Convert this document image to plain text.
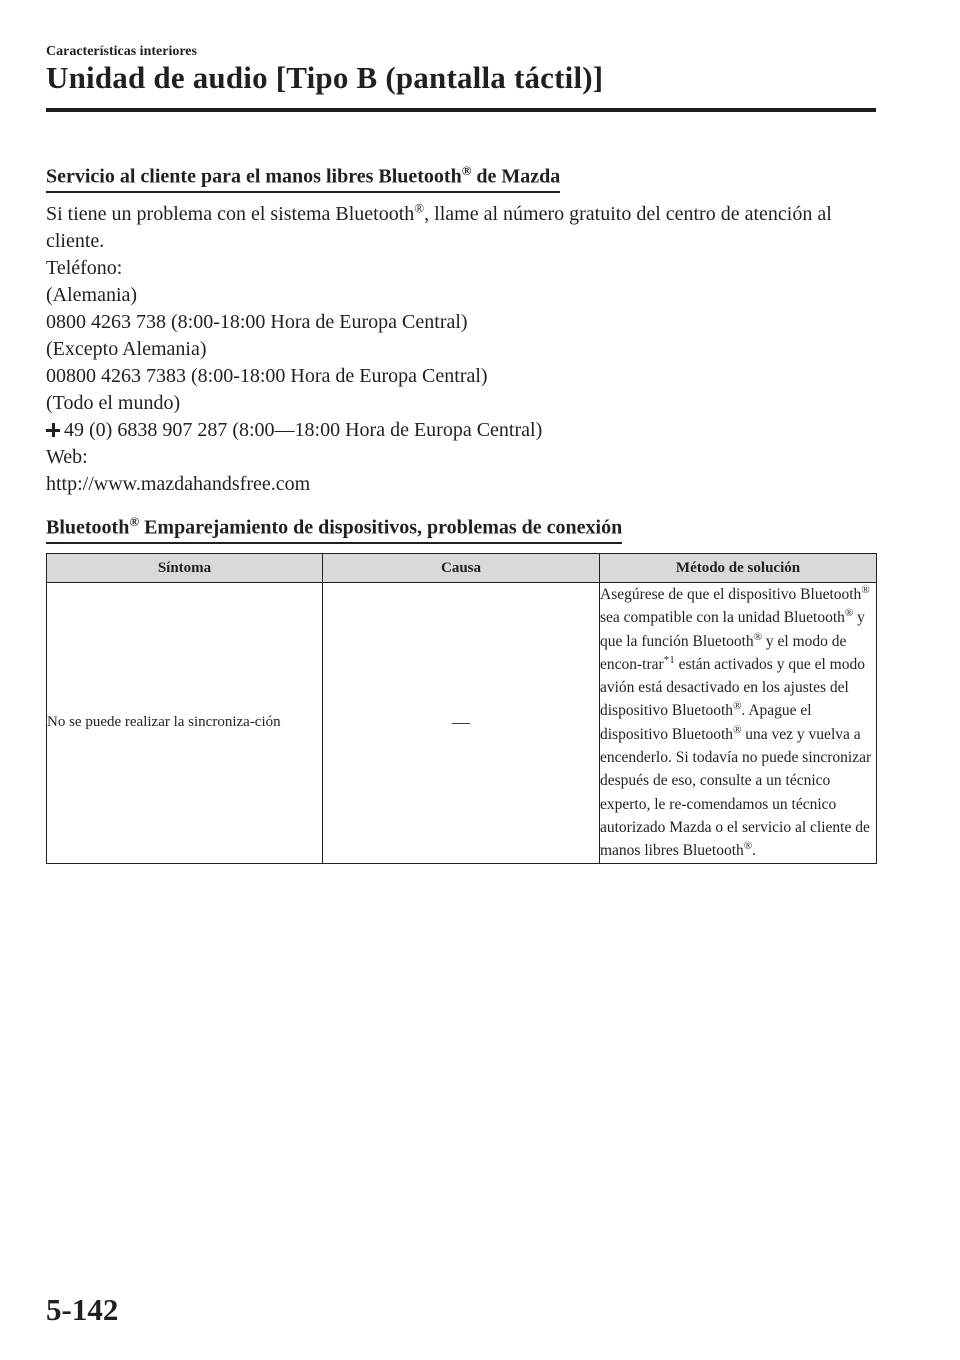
Características interiores
Unidad de audio [Tipo B (pantalla táctil)]
Servicio al cliente para el manos libres Bluetooth® de Mazda

Si tiene un problema con el sistema Bluetooth®, llame al número gratuito del centro de atención al cliente.

Teléfono:

(Alemania)

0800 4263 738 (8:00-18:00 Hora de Europa Central)

(Excepto Alemania)

00800 4263 7383 (8:00-18:00 Hora de Europa Central)

(Todo el mundo)

49 (0) 6838 907 287 (8:00―18:00 Hora de Europa Central)

Web:

http://www.mazdahandsfree.com

Bluetooth® Emparejamiento de dispositivos, problemas de conexión
Síntoma	Causa	Método de solución
No se puede realizar la sincroniza-ción	―	Asegúrese de que el dispositivo Bluetooth® sea compatible con la unidad Bluetooth® y que la función Bluetooth® y el modo de encon-trar$^{*1}$ están activados y que el modo avión está desactivado en los ajustes del dispositivo Bluetooth®. Apague el dispositivo Bluetooth® una vez y vuelva a encenderlo. Si todavía no puede sincronizar después de eso, consulte a un técnico experto, le re-comendamos un técnico autorizado Mazda o el servicio al cliente de manos libres Bluetooth®.
5-142
